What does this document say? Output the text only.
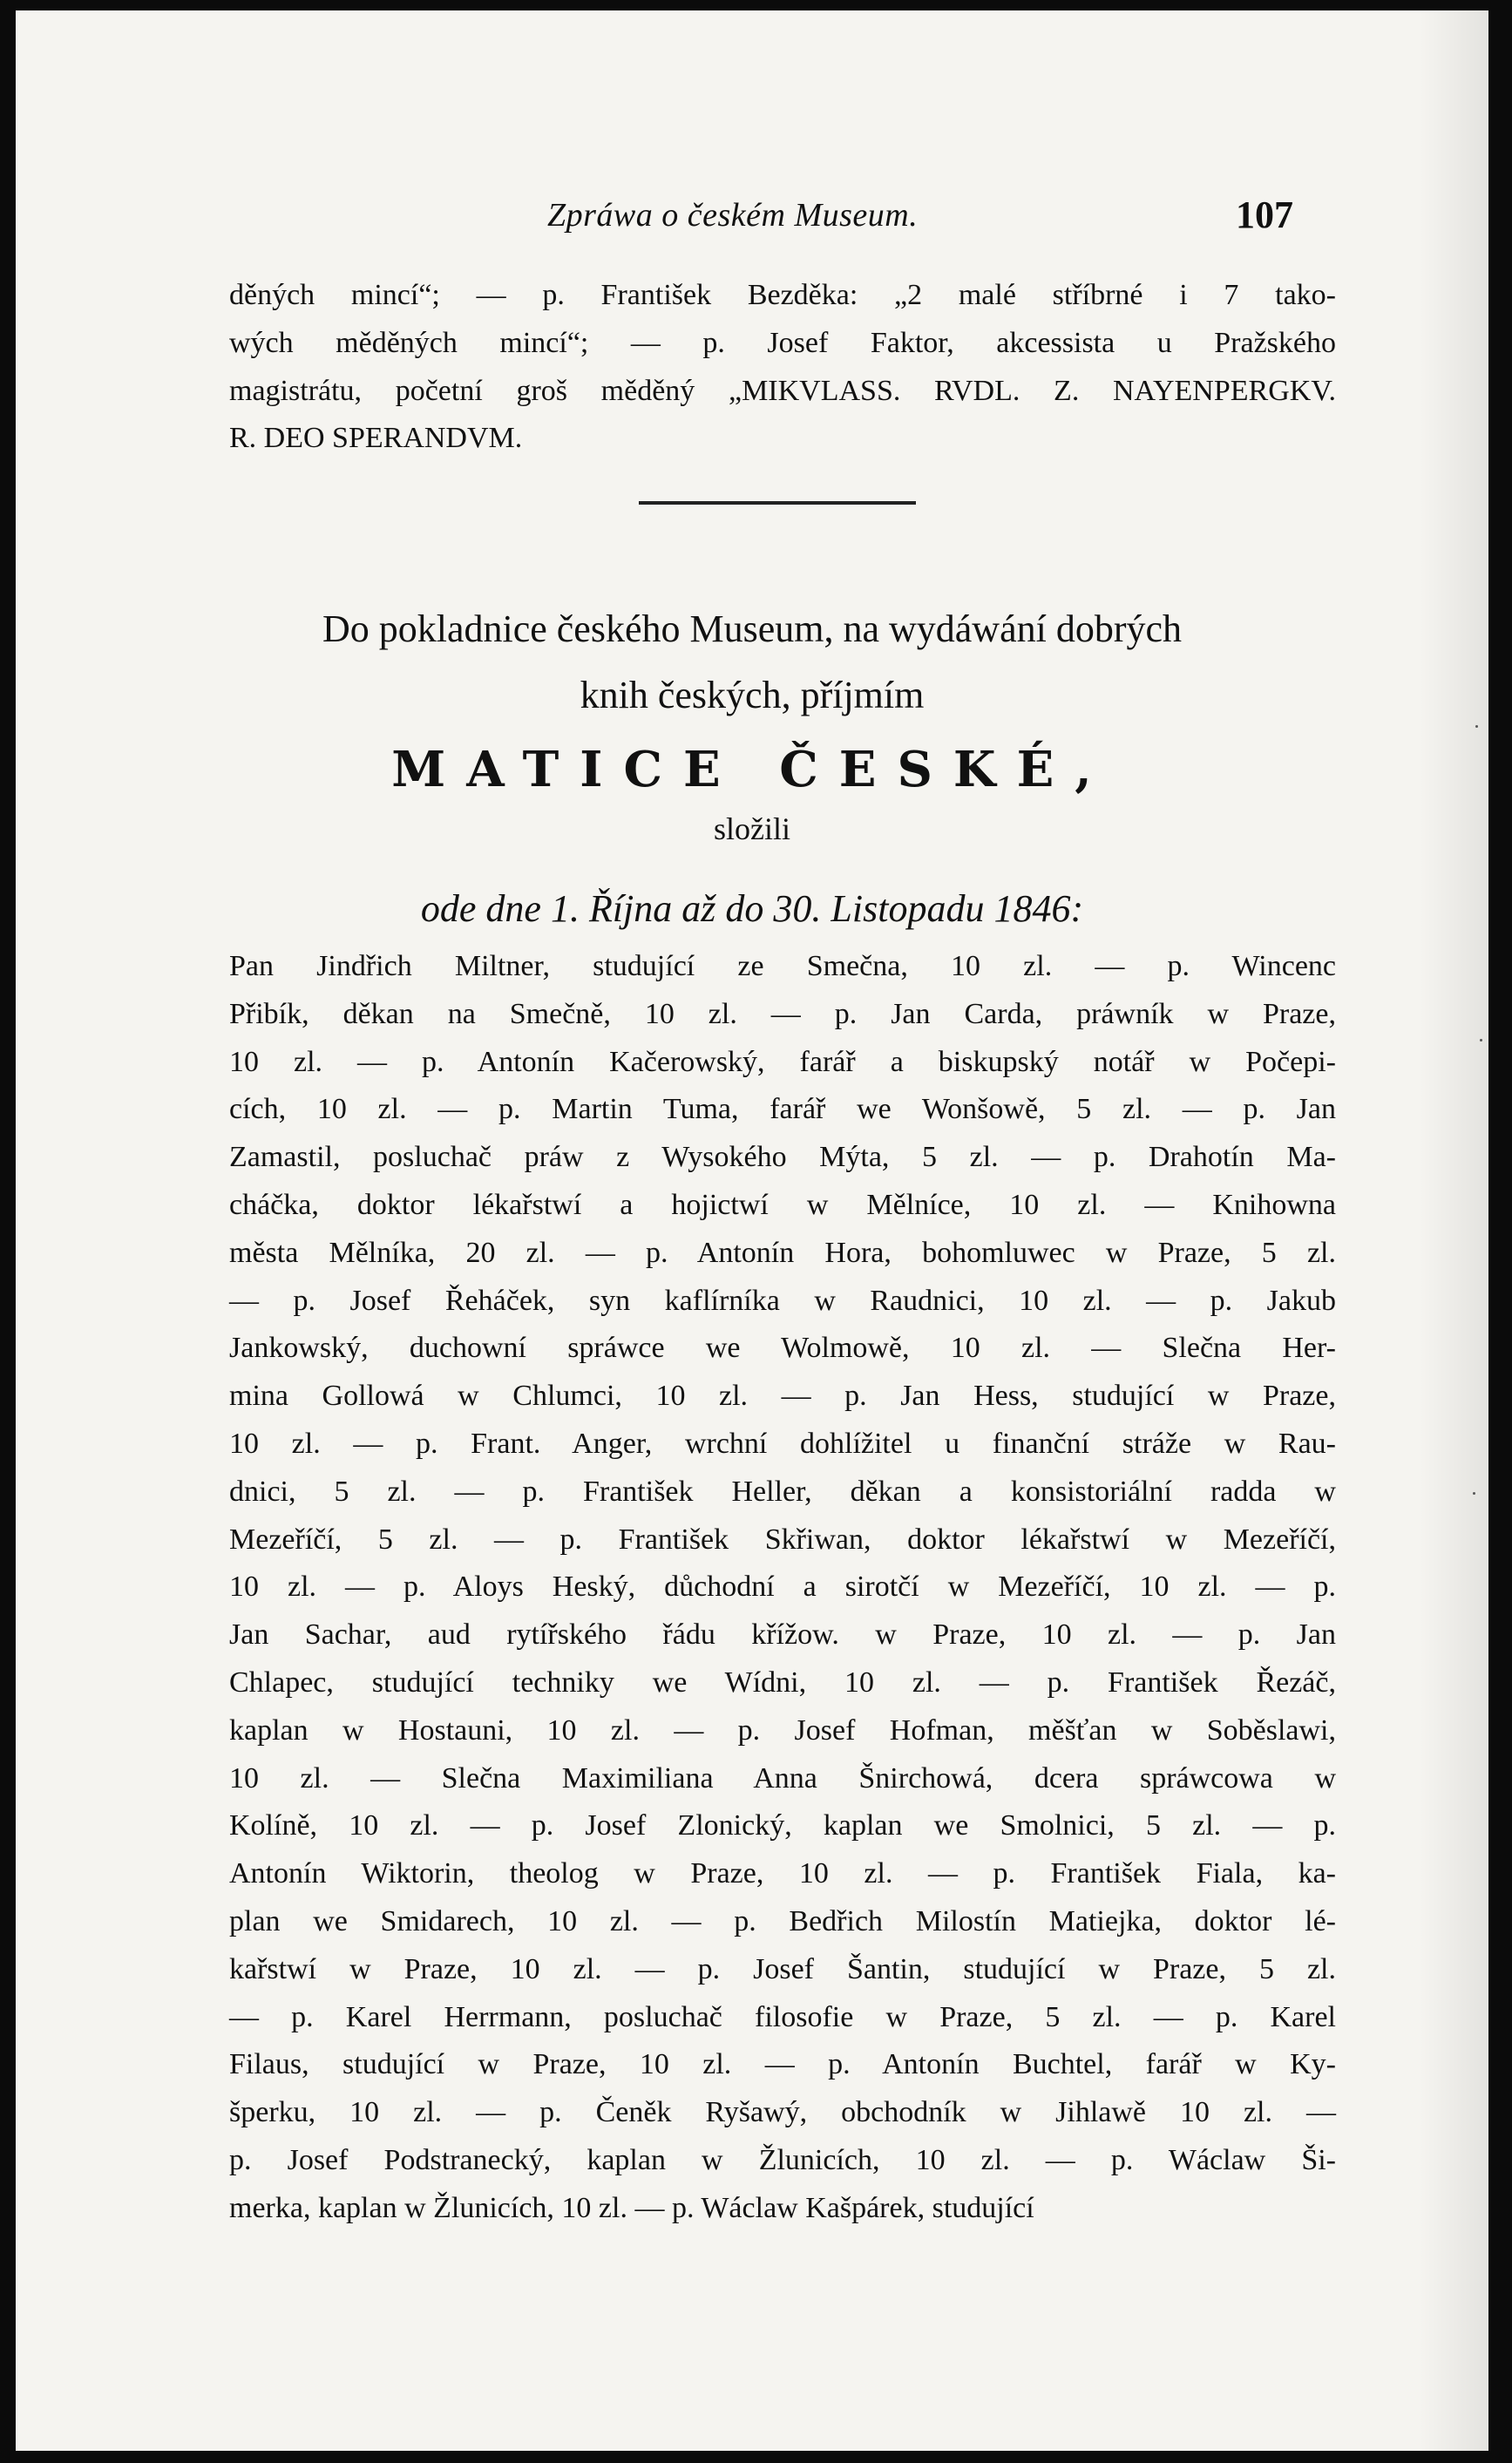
Zpráwa o českém Museum.	107
děných mincí“; — p. František Bezděka: „2 malé stříbrné i 7 tako-
wých měděných mincí“; — p. Josef Faktor, akcessista u Pražského
magistrátu, početní groš měděný „MIKVLASS. RVDL. Z. NAYENPERGKV.
R. DEO SPERANDVM.
Do pokladnice českého Museum, na wydáwání dobrých
knih českých, příjmím
MATICE ČESKÉ,
složili
ode dne 1. Října až do 30. Listopadu 1846:
Pan Jindřich Miltner, studující ze Smečna, 10 zl. — p. Wincenc
Přibík, děkan na Smečně, 10 zl. — p. Jan Carda, práwník w Praze,
10 zl. — p. Antonín Kačerowský, farář a biskupský notář w Počepi-
cích, 10 zl. — p. Martin Tuma, farář we Wonšowě, 5 zl. — p. Jan
Zamastil, posluchač práw z Wysokého Mýta, 5 zl. — p. Drahotín Ma-
cháčka, doktor lékařstwí a hojictwí w Mělníce, 10 zl. — Knihowna
města Mělníka, 20 zl. — p. Antonín Hora, bohomluwec w Praze, 5 zl.
— p. Josef Řeháček, syn kaflírníka w Raudnici, 10 zl. — p. Jakub
Jankowský, duchowní spráwce we Wolmowě, 10 zl. — Slečna Her-
mina Gollowá w Chlumci, 10 zl. — p. Jan Hess, studující w Praze,
10 zl. — p. Frant. Anger, wrchní dohlížitel u finanční stráže w Rau-
dnici, 5 zl. — p. František Heller, děkan a konsistoriální radda w
Mezeříčí, 5 zl. — p. František Skřiwan, doktor lékařstwí w Mezeříčí,
10 zl. — p. Aloys Heský, důchodní a sirotčí w Mezeříčí, 10 zl. — p.
Jan Sachar, aud rytířského řádu křížow. w Praze, 10 zl. — p. Jan
Chlapec, studující techniky we Wídni, 10 zl. — p. František Řezáč,
kaplan w Hostauni, 10 zl. — p. Josef Hofman, měšťan w Soběslawi,
10 zl. — Slečna Maximiliana Anna Šnirchowá, dcera spráwcowa w
Kolíně, 10 zl. — p. Josef Zlonický, kaplan we Smolnici, 5 zl. — p.
Antonín Wiktorin, theolog w Praze, 10 zl. — p. František Fiala, ka-
plan we Smidarech, 10 zl. — p. Bedřich Milostín Matiejka, doktor lé-
kařstwí w Praze, 10 zl. — p. Josef Šantin, studující w Praze, 5 zl.
— p. Karel Herrmann, posluchač filosofie w Praze, 5 zl. — p. Karel
Filaus, studující w Praze, 10 zl. — p. Antonín Buchtel, farář w Ky-
šperku, 10 zl. — p. Čeněk Ryšawý, obchodník w Jihlawě 10 zl. —
p. Josef Podstranecký, kaplan w Žlunicích, 10 zl. — p. Wáclaw Ši-
merka, kaplan w Žlunicích, 10 zl. — p. Wáclaw Kašpárek, studující
